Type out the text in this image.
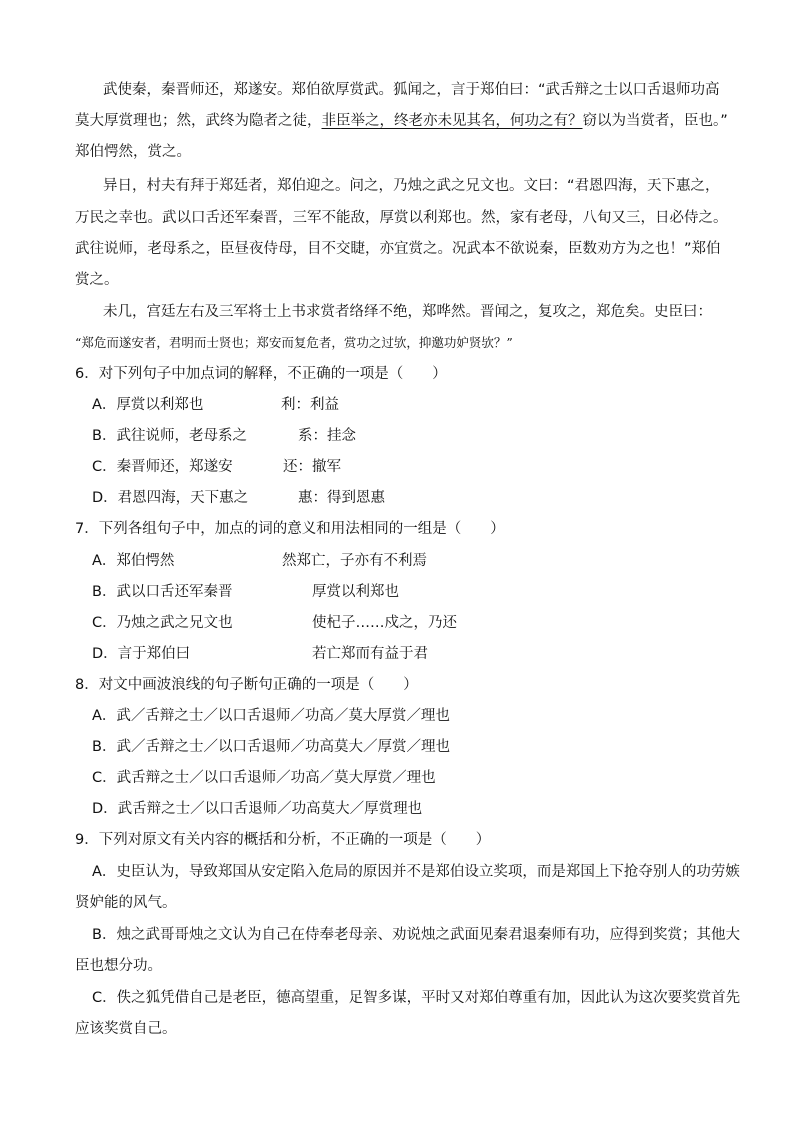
武使秦，秦晋师还，郑遂安。郑伯欲厚赏武。狐闻之，言于郑伯曰：“武舌辩之士以口舌退师功高
莫大厚赏理也；然，武终为隐者之徒，非臣举之，终老亦未见其名，何功之有？窃以为当赏者，臣也。”
郑伯愕然，赏之。
异日，村夫有拜于郑廷者，郑伯迎之。问之，乃烛之武之兄文也。文曰：“君恩四海，天下惠之，
万民之幸也。武以口舌还军秦晋，三军不能敌，厚赏以利郑也。然，家有老母，八旬又三，日必侍之。
武往说师，老母系之，臣昼夜侍母，目不交睫，亦宜赏之。况武本不欲说秦，臣数劝方为之也！”郑伯
赏之。
未几，宫廷左右及三军将士上书求赏者络绎不绝，郑哗然。晋闻之，复攻之，郑危矣。史臣曰：
“郑危而遂安者，君明而士贤也；郑安而复危者，赏功之过欤，抑邀功妒贤欤？”
6．对下列句子中加点词的解释，不正确的一项是（　　）
A．厚赏以利郑也	利：利益
B．武往说师，老母系之	系：挂念
C．秦晋师还，郑遂安	还：撤军
D．君恩四海，天下惠之	惠：得到恩惠
7．下列各组句子中，加点的词的意义和用法相同的一组是（　　）
A．郑伯愕然	然郑亡，子亦有不利焉
B．武以口舌还军秦晋	厚赏以利郑也
C．乃烛之武之兄文也	使杞子……戍之，乃还
D．言于郑伯曰	若亡郑而有益于君
8．对文中画波浪线的句子断句正确的一项是（　　）
A．武／舌辩之士／以口舌退师／功高／莫大厚赏／理也
B．武／舌辩之士／以口舌退师／功高莫大／厚赏／理也
C．武舌辩之士／以口舌退师／功高／莫大厚赏／理也
D．武舌辩之士／以口舌退师／功高莫大／厚赏理也
9．下列对原文有关内容的概括和分析，不正确的一项是（　　）
A．史臣认为，导致郑国从安定陷入危局的原因并不是郑伯设立奖项，而是郑国上下抢夺别人的功劳嫉
贤妒能的风气。
B．烛之武哥哥烛之文认为自己在侍奉老母亲、劝说烛之武面见秦君退秦师有功，应得到奖赏；其他大
臣也想分功。
C．佚之狐凭借自己是老臣，德高望重，足智多谋，平时又对郑伯尊重有加，因此认为这次要奖赏首先
应该奖赏自己。
